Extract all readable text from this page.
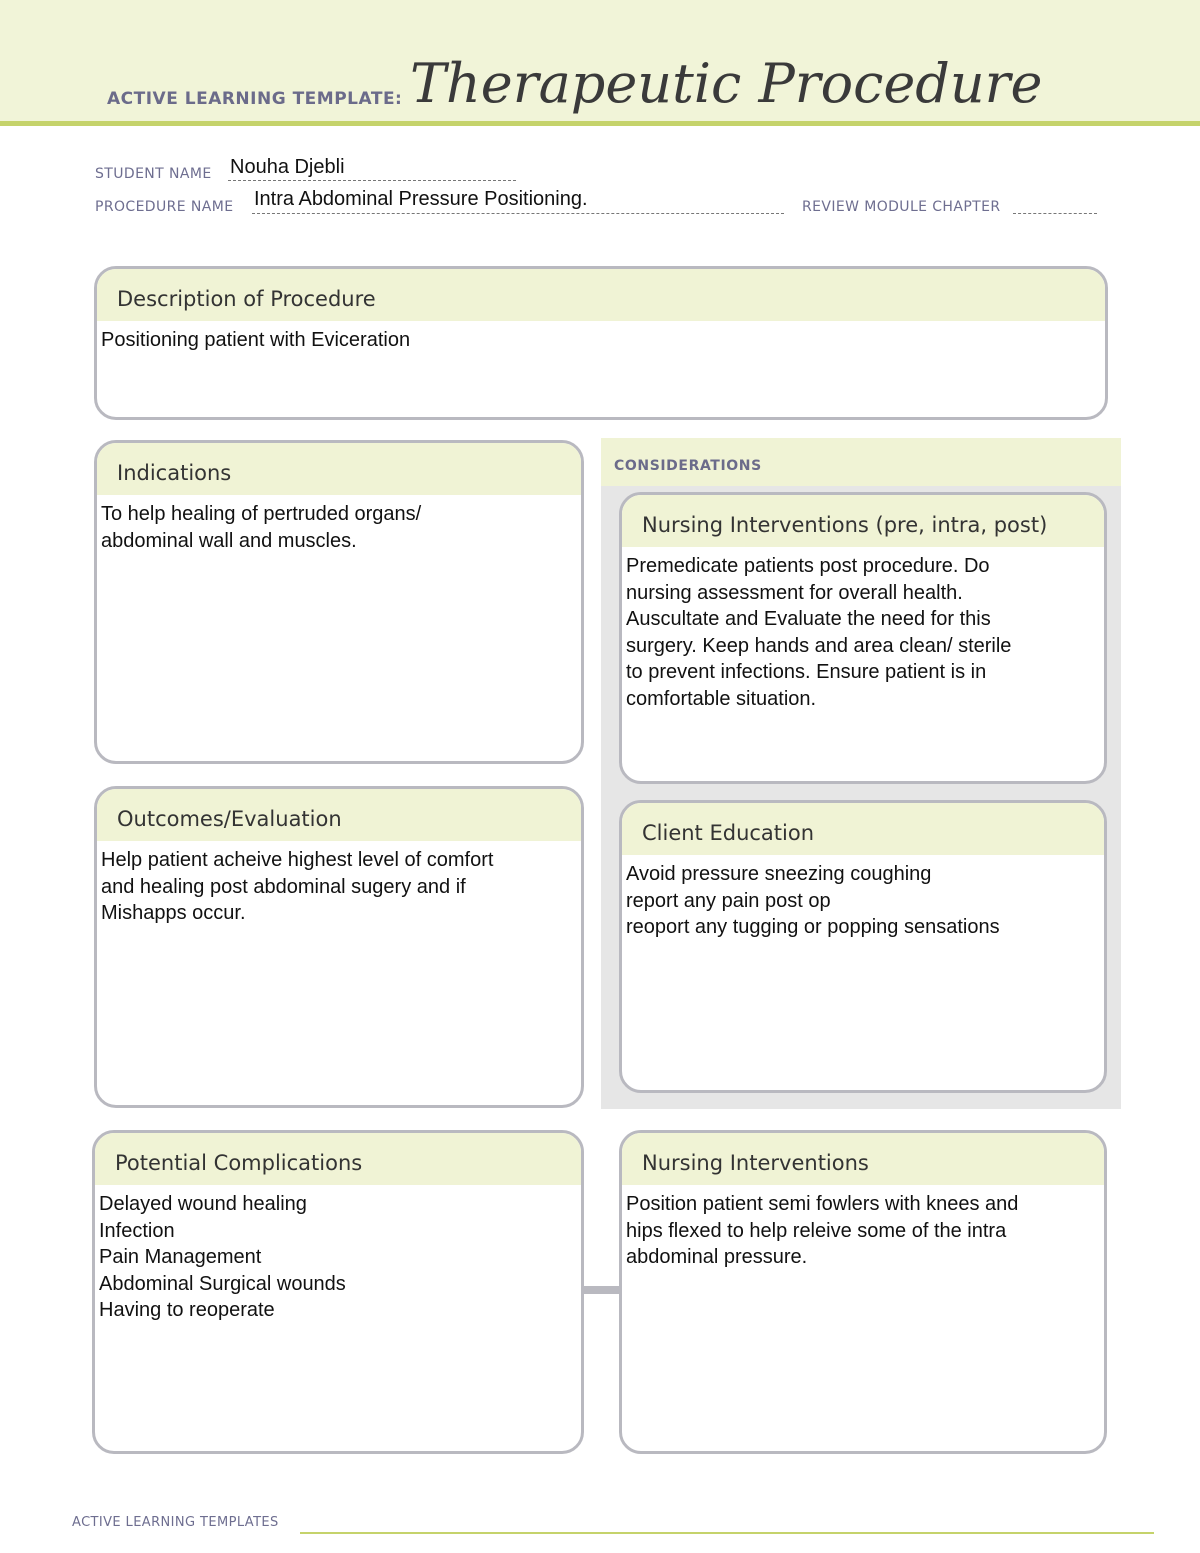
ACTIVE LEARNING TEMPLATE: Therapeutic Procedure
STUDENT NAME Nouha Djebli
PROCEDURE NAME Intra Abdominal Pressure Positioning.	REVIEW MODULE CHAPTER
Description of Procedure
Positioning patient with Eviceration
CONSIDERATIONS
Indications
To help healing of pertruded organs/
abdominal wall and muscles.
Nursing Interventions (pre, intra, post)
Premedicate patients post procedure. Do
nursing assessment for overall health.
Auscultate and Evaluate the need for this
surgery. Keep hands and area clean/ sterile
to prevent infections. Ensure patient is in
comfortable situation.
Outcomes/Evaluation
Help patient acheive highest level of comfort
and healing post abdominal sugery and if
Mishapps occur.
Client Education
Avoid pressure sneezing coughing
report any pain post op
reoport any tugging or popping sensations
Potential Complications
Delayed wound healing
Infection
Pain Management
Abdominal Surgical wounds
Having to reoperate
Nursing Interventions
Position patient semi fowlers with knees and
hips flexed to help releive some of the intra
abdominal pressure.
ACTIVE LEARNING TEMPLATES
